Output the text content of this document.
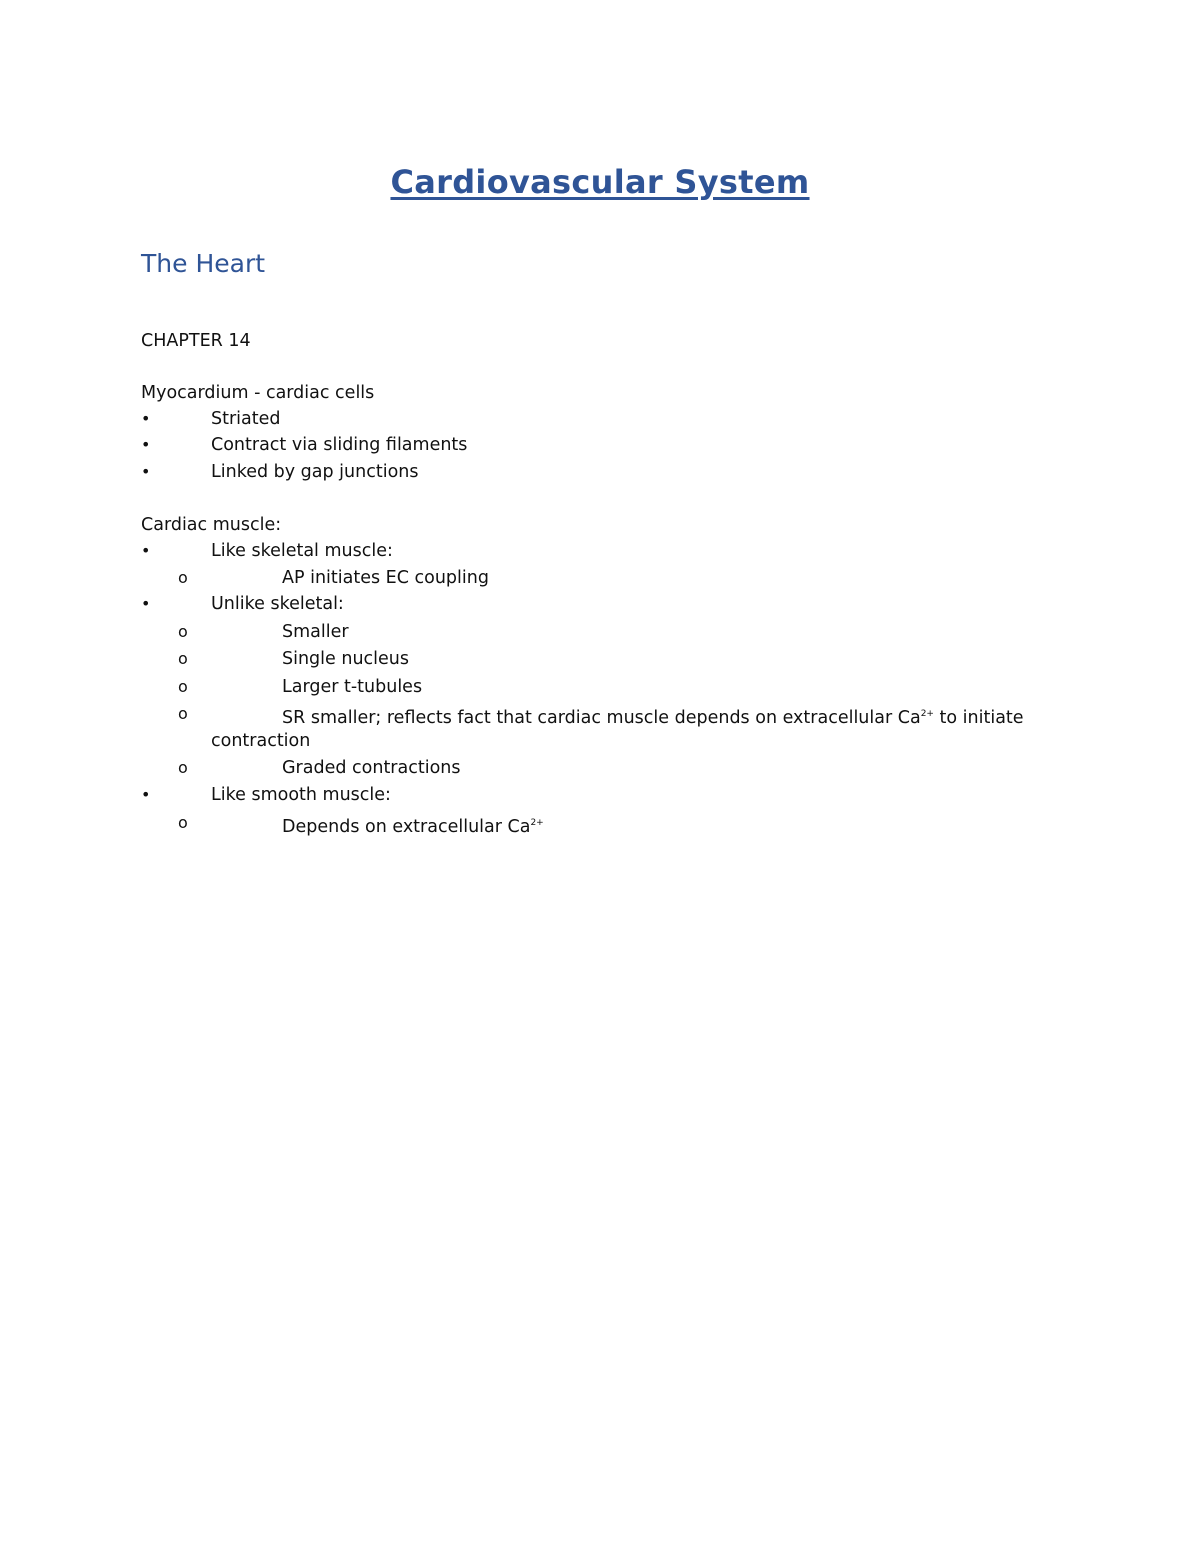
Cardiovascular System
The Heart
CHAPTER 14
Myocardium - cardiac cells
•	Striated
•	Contract via sliding filaments
•	Linked by gap junctions
Cardiac muscle:
•	Like skeletal muscle:
o	AP initiates EC coupling
•	Unlike skeletal:
o	Smaller
o	Single nucleus
o	Larger t-tubules
o	SR smaller; reflects fact that cardiac muscle depends on extracellular $Ca^{2+}$ to initiate
contraction
o	Graded contractions
•	Like smooth muscle:
o	Depends on extracellular $Ca^{2+}$
